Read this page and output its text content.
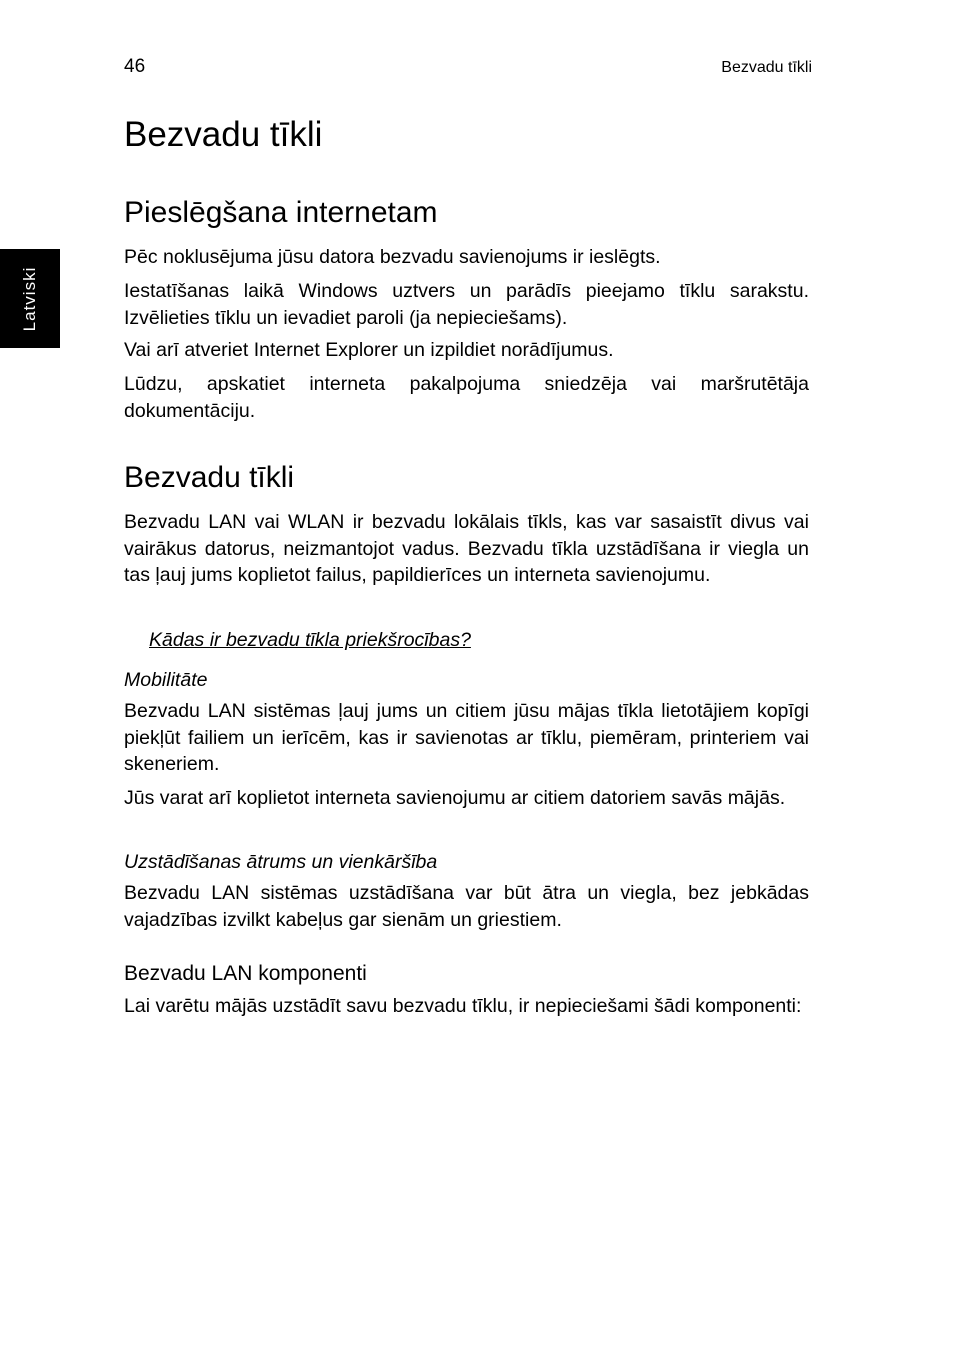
46	Bezvadu tīkli
Latviski
Bezvadu tīkli
Pieslēgšana internetam

Pēc noklusējuma jūsu datora bezvadu savienojums ir ieslēgts.

Iestatīšanas laikā Windows uztvers un parādīs pieejamo tīklu sarakstu. Izvēlieties tīklu un ievadiet paroli (ja nepieciešams).

Vai arī atveriet Internet Explorer un izpildiet norādījumus.

Lūdzu, apskatiet interneta pakalpojuma sniedzēja vai maršrutētāja dokumentāciju.

Bezvadu tīkli

Bezvadu LAN vai WLAN ir bezvadu lokālais tīkls, kas var sasaistīt divus vai vairākus datorus, neizmantojot vadus. Bezvadu tīkla uzstādīšana ir viegla un tas ļauj jums koplietot failus, papildierīces un interneta savienojumu.

Kādas ir bezvadu tīkla priekšrocības?
Mobilitāte

Bezvadu LAN sistēmas ļauj jums un citiem jūsu mājas tīkla lietotājiem kopīgi piekļūt failiem un ierīcēm, kas ir savienotas ar tīklu, piemēram, printeriem vai skeneriem.

Jūs varat arī koplietot interneta savienojumu ar citiem datoriem savās mājās.

Uzstādīšanas ātrums un vienkāršība

Bezvadu LAN sistēmas uzstādīšana var būt ātra un viegla, bez jebkādas vajadzības izvilkt kabeļus gar sienām un griestiem.

Bezvadu LAN komponenti

Lai varētu mājās uzstādīt savu bezvadu tīklu, ir nepieciešami šādi komponenti:
